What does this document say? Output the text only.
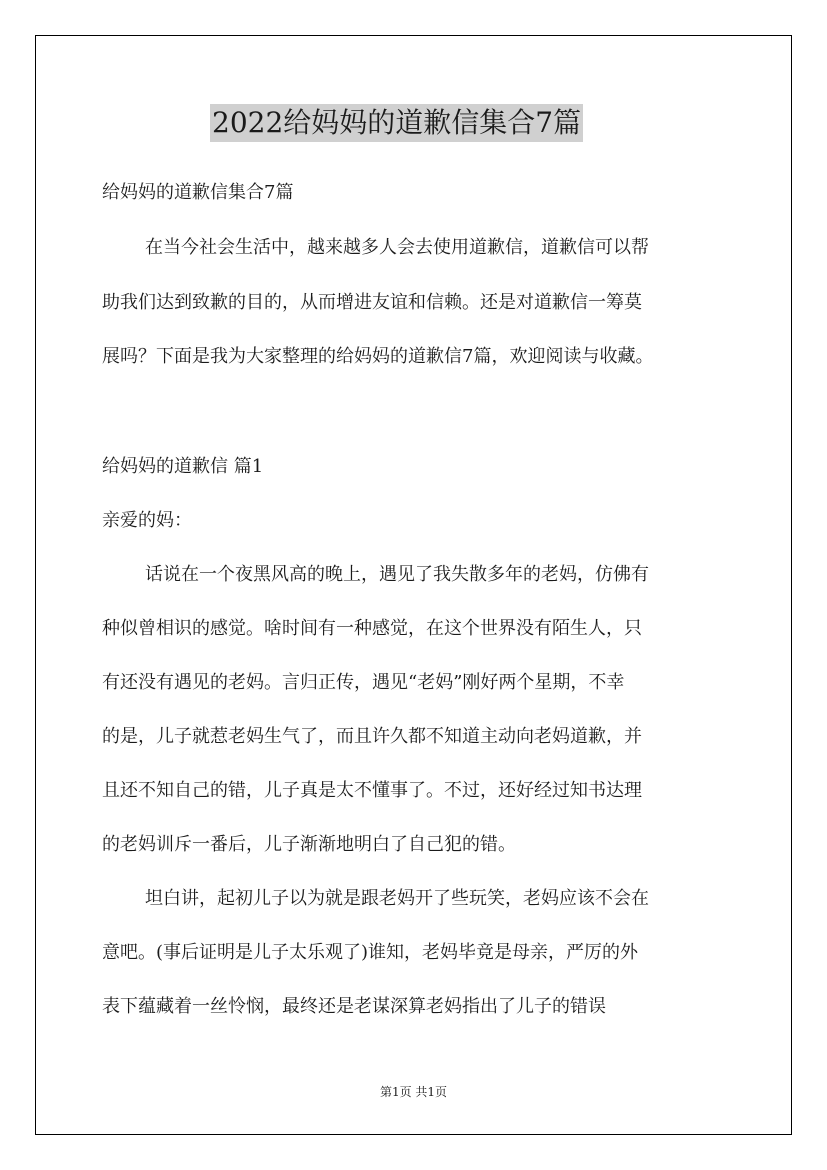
2022给妈妈的道歉信集合7篇
给妈妈的道歉信集合7篇
在当今社会生活中，越来越多人会去使用道歉信，道歉信可以帮
助我们达到致歉的目的，从而增进友谊和信赖。还是对道歉信一筹莫
展吗？下面是我为大家整理的给妈妈的道歉信7篇，欢迎阅读与收藏。
给妈妈的道歉信 篇1
亲爱的妈：
话说在一个夜黑风高的晚上，遇见了我失散多年的老妈，仿佛有
种似曾相识的感觉。啥时间有一种感觉，在这个世界没有陌生人，只
有还没有遇见的老妈。言归正传，遇见“老妈”刚好两个星期，不幸
的是，儿子就惹老妈生气了，而且许久都不知道主动向老妈道歉，并
且还不知自己的错，儿子真是太不懂事了。不过，还好经过知书达理
的老妈训斥一番后，儿子渐渐地明白了自己犯的错。
坦白讲，起初儿子以为就是跟老妈开了些玩笑，老妈应该不会在
意吧。(事后证明是儿子太乐观了)谁知，老妈毕竟是母亲，严厉的外
表下蕴藏着一丝怜悯，最终还是老谋深算老妈指出了儿子的错误
第1页 共1页
